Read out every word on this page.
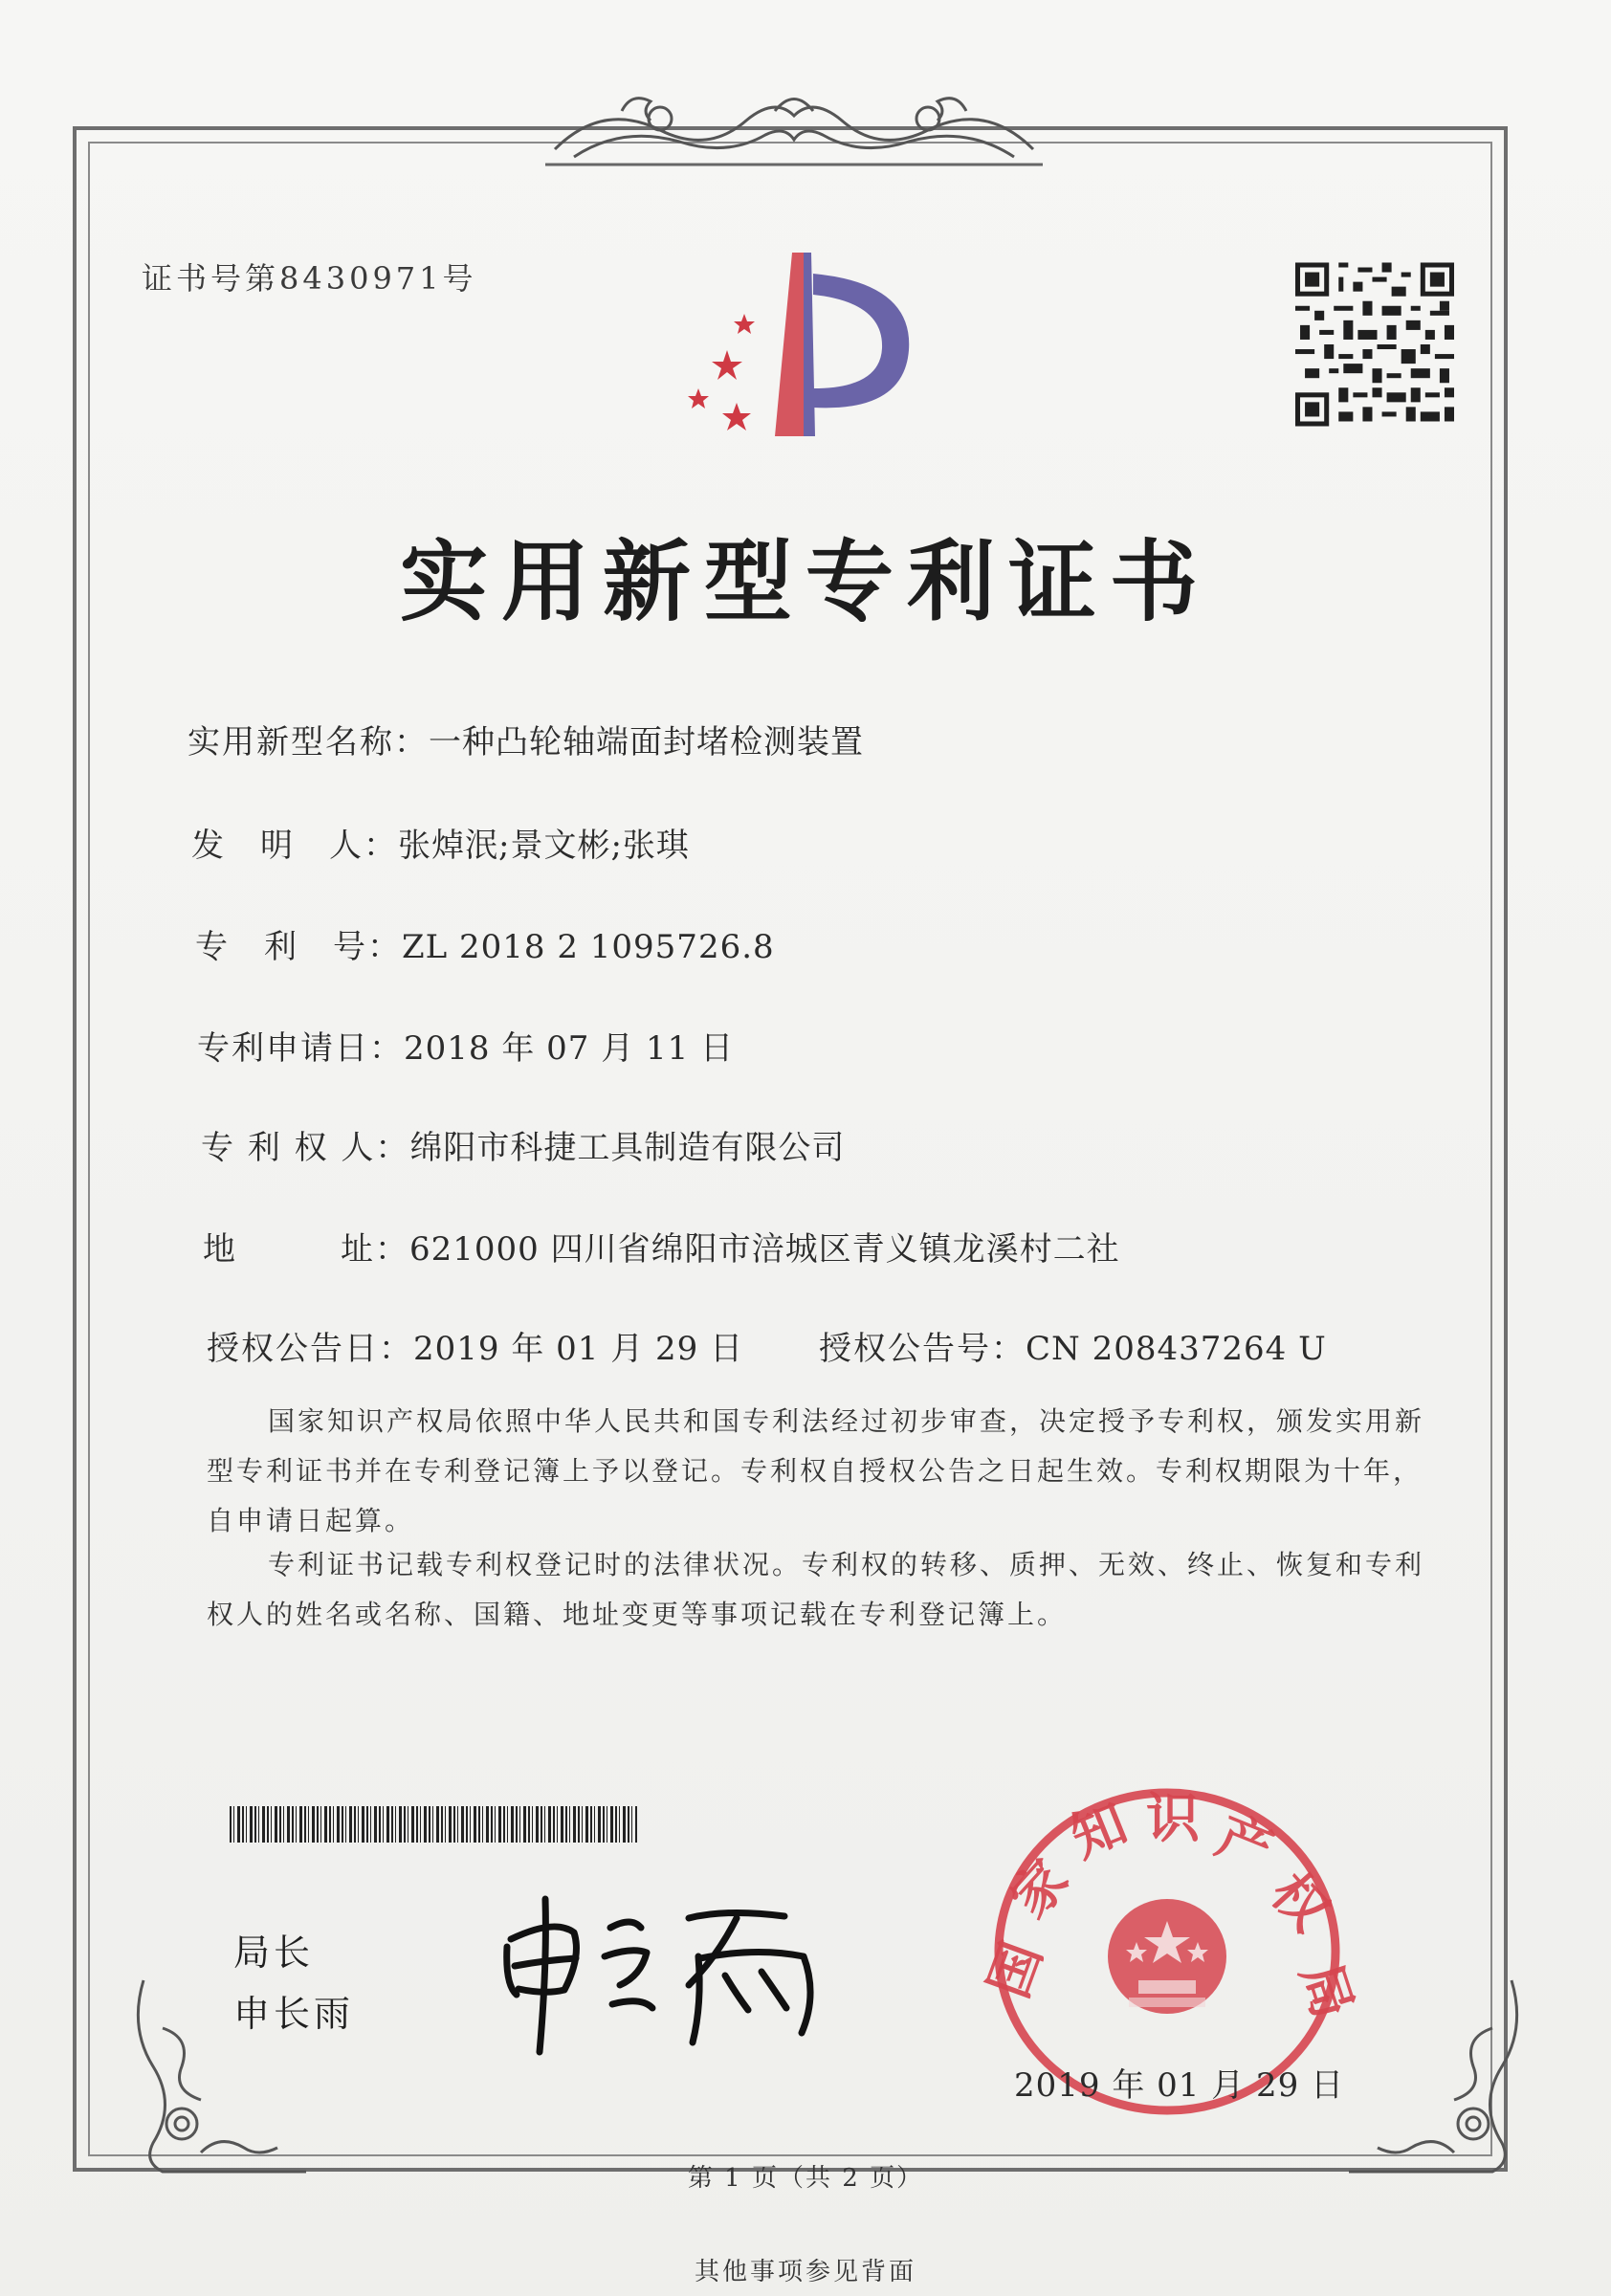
证书号第8430971号
实用新型专利证书
实用新型名称：一种凸轮轴端面封堵检测装置
发　明　人：张焯泯;景文彬;张琪
专　利　号：ZL 2018 2 1095726.8
专利申请日：2018 年 07 月 11 日
专 利 权 人：绵阳市科捷工具制造有限公司
地　　　址：621000 四川省绵阳市涪城区青义镇龙溪村二社
授权公告日：2019 年 01 月 29 日 授权公告号：CN 208437264 U
国家知识产权局依照中华人民共和国专利法经过初步审查，决定授予专利权，颁发实用新型专利证书并在专利登记簿上予以登记。专利权自授权公告之日起生效。专利权期限为十年，自申请日起算。
专利证书记载专利权登记时的法律状况。专利权的转移、质押、无效、终止、恢复和专利权人的姓名或名称、国籍、地址变更等事项记载在专利登记簿上。
局长
申长雨
国
家
知 识 产
权
局
2019 年 01 月 29 日
第 1 页（共 2 页）
其他事项参见背面
